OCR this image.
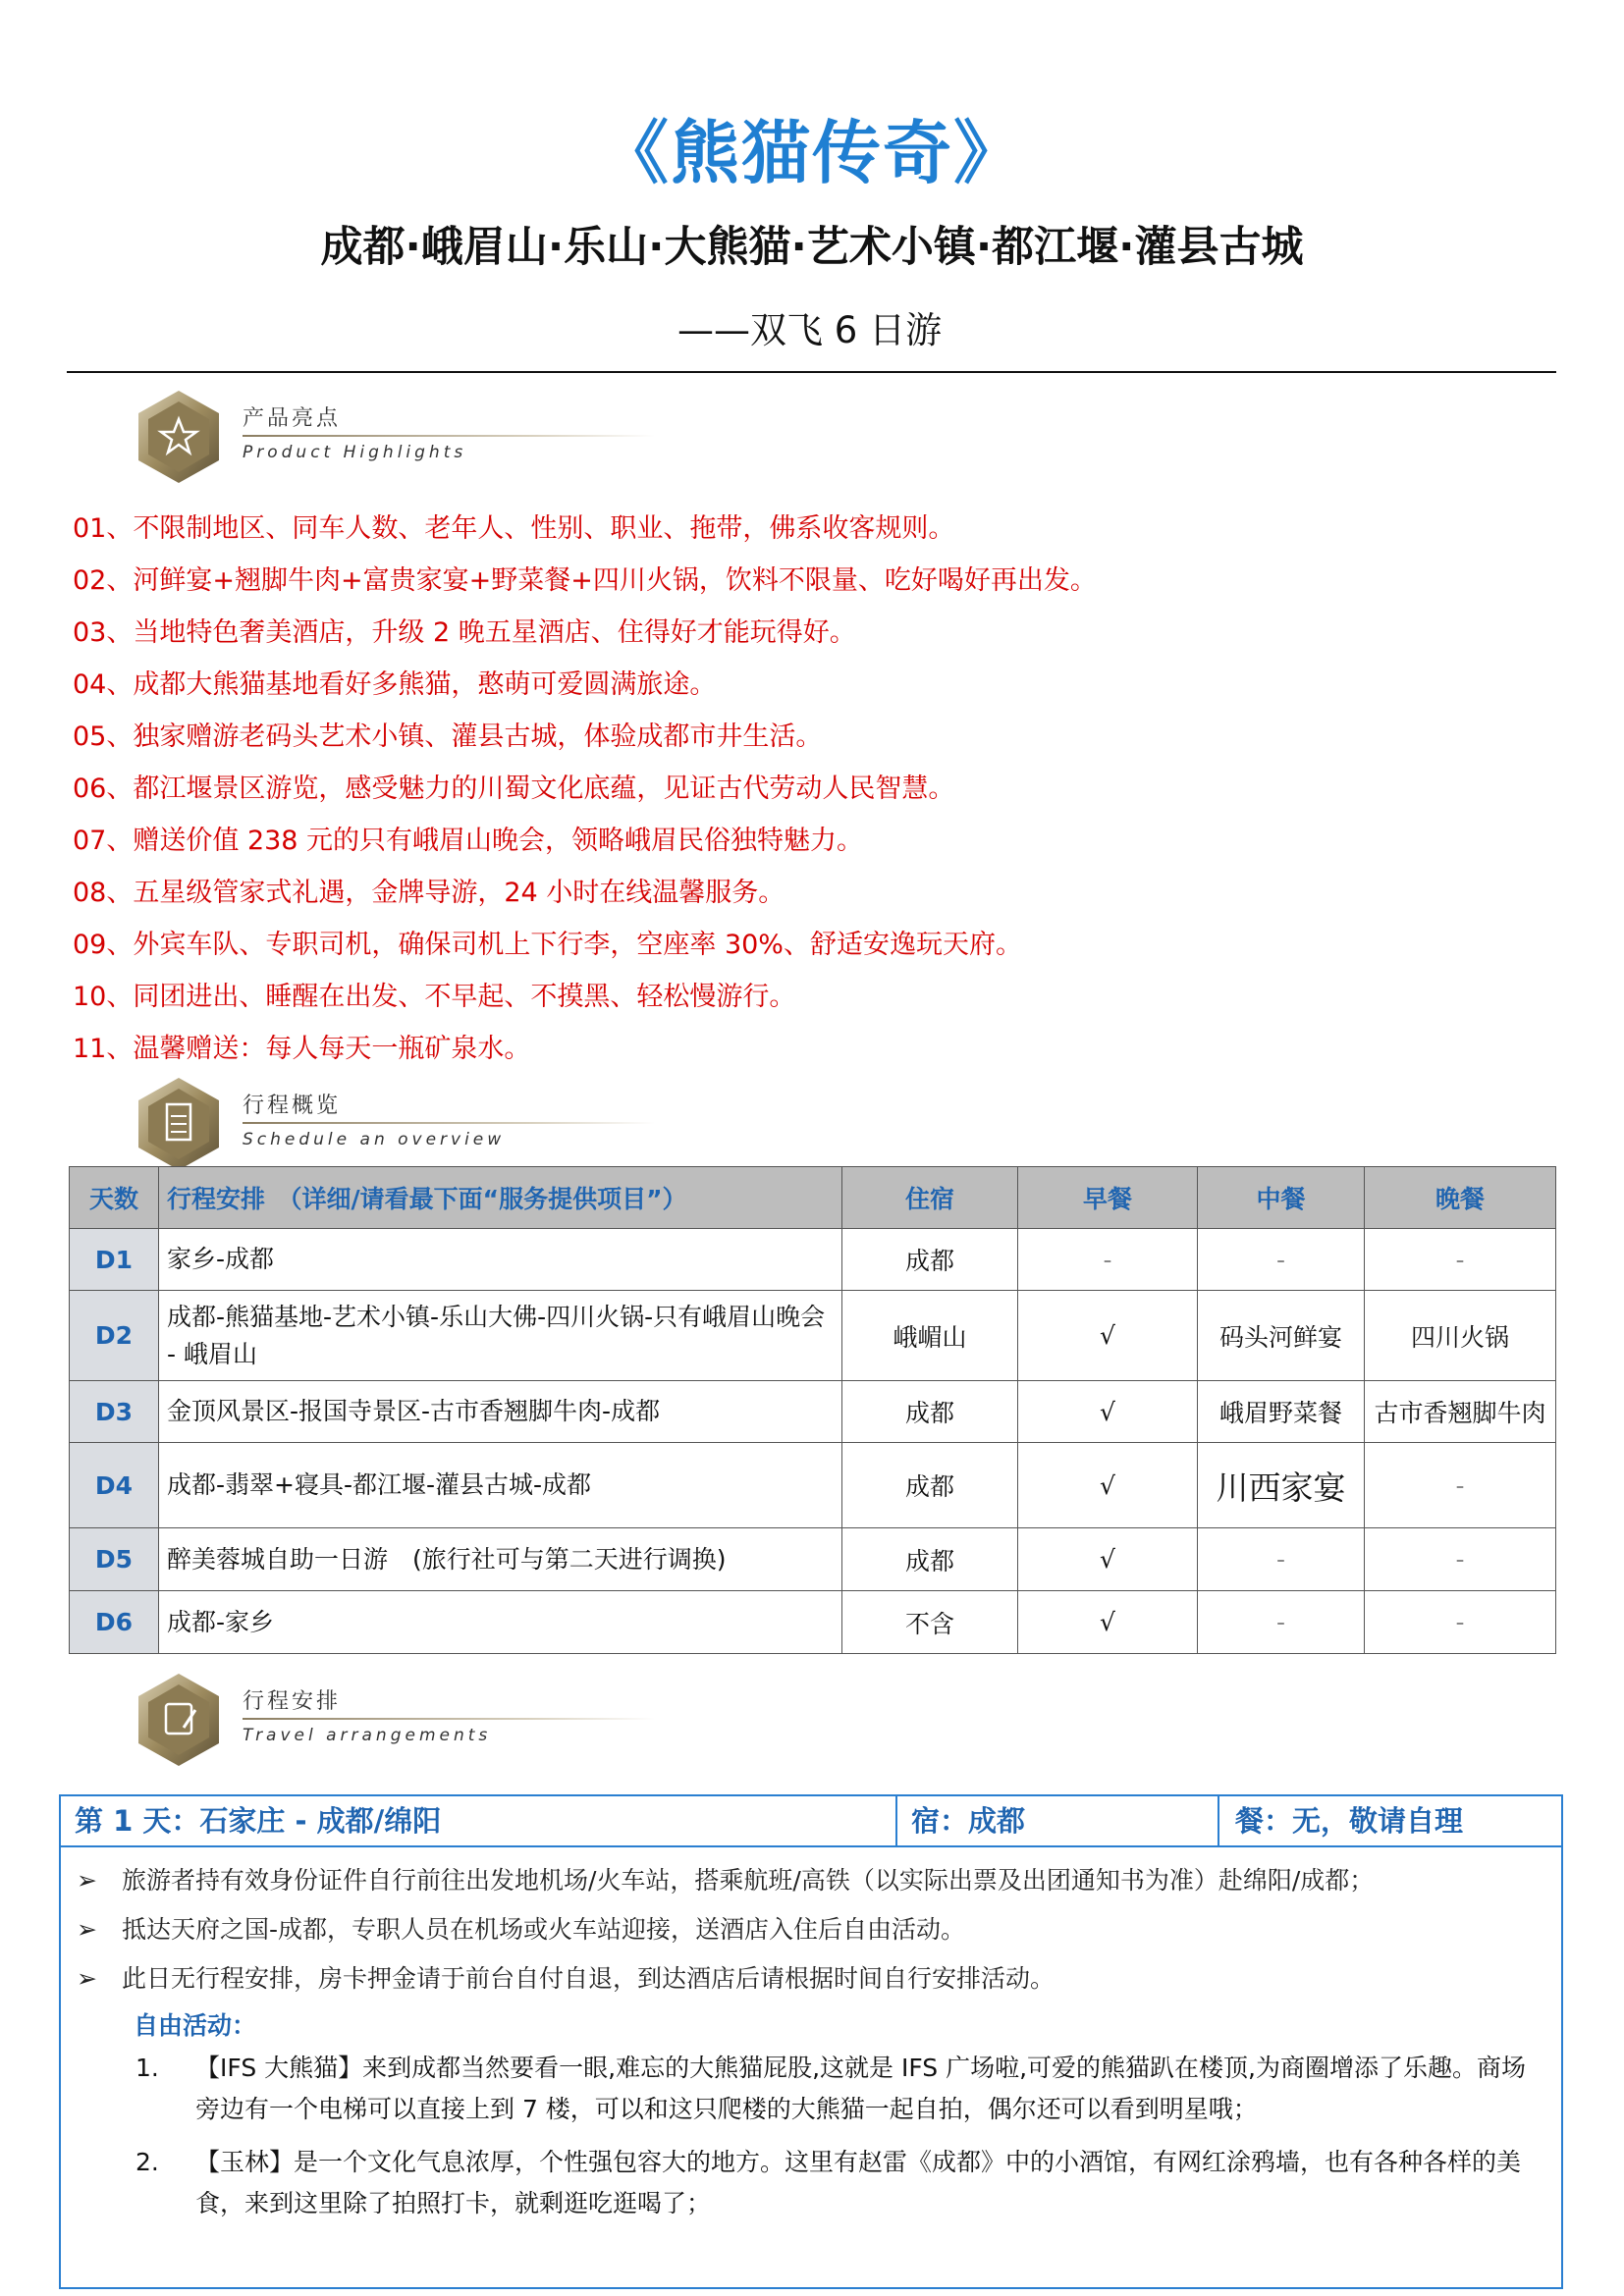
《熊猫传奇》
成都·峨眉山·乐山·大熊猫·艺术小镇·都江堰·灌县古城
——双飞 6 日游
产品亮点
Product Highlights
01、不限制地区、同车人数、老年人、性别、职业、拖带，佛系收客规则。
02、河鲜宴+翘脚牛肉+富贵家宴+野菜餐+四川火锅，饮料不限量、吃好喝好再出发。
03、当地特色奢美酒店，升级 2 晚五星酒店、住得好才能玩得好。
04、成都大熊猫基地看好多熊猫，憨萌可爱圆满旅途。
05、独家赠游老码头艺术小镇、灌县古城，体验成都市井生活。
06、都江堰景区游览，感受魅力的川蜀文化底蕴，见证古代劳动人民智慧。
07、赠送价值 238 元的只有峨眉山晚会，领略峨眉民俗独特魅力。
08、五星级管家式礼遇，金牌导游，24 小时在线温馨服务。
09、外宾车队、专职司机，确保司机上下行李，空座率 30%、舒适安逸玩天府。
10、同团进出、睡醒在出发、不早起、不摸黑、轻松慢游行。
11、温馨赠送：每人每天一瓶矿泉水。
行程概览
Schedule an overview
天数	行程安排　（详细/请看最下面“服务提供项目”）	住宿	早餐	中餐	晚餐
D1	家乡-成都	成都	-	-	-
D2	成都-熊猫基地-艺术小镇-乐山大佛-四川火锅-只有峨眉山晚会 - 峨眉山	峨嵋山	√	码头河鲜宴	四川火锅
D3	金顶风景区-报国寺景区-古市香翘脚牛肉-成都	成都	√	峨眉野菜餐	古市香翘脚牛肉
D4	成都-翡翠+寝具-都江堰-灌县古城-成都	成都	√	川西家宴	-
D5	醉美蓉城自助一日游　(旅行社可与第二天进行调换)	成都	√	-	-
D6	成都-家乡	不含	√	-	-
行程安排
Travel arrangements
第 1 天：石家庄 - 成都/绵阳	宿：成都	餐：无，敬请自理
➢ 旅游者持有效身份证件自行前往出发地机场/火车站，搭乘航班/高铁（以实际出票及出团通知书为准）赴绵阳/成都；
➢ 抵达天府之国-成都，专职人员在机场或火车站迎接，送酒店入住后自由活动。
➢ 此日无行程安排，房卡押金请于前台自付自退，到达酒店后请根据时间自行安排活动。
自由活动：
1. 【IFS 大熊猫】来到成都当然要看一眼,难忘的大熊猫屁股,这就是 IFS 广场啦,可爱的熊猫趴在楼顶,为商圈增添了乐趣。商场旁边有一个电梯可以直接上到 7 楼，可以和这只爬楼的大熊猫一起自拍，偶尔还可以看到明星哦；
2. 【玉林】是一个文化气息浓厚，个性强包容大的地方。这里有赵雷《成都》中的小酒馆，有网红涂鸦墙，也有各种各样的美食，来到这里除了拍照打卡，就剩逛吃逛喝了；
